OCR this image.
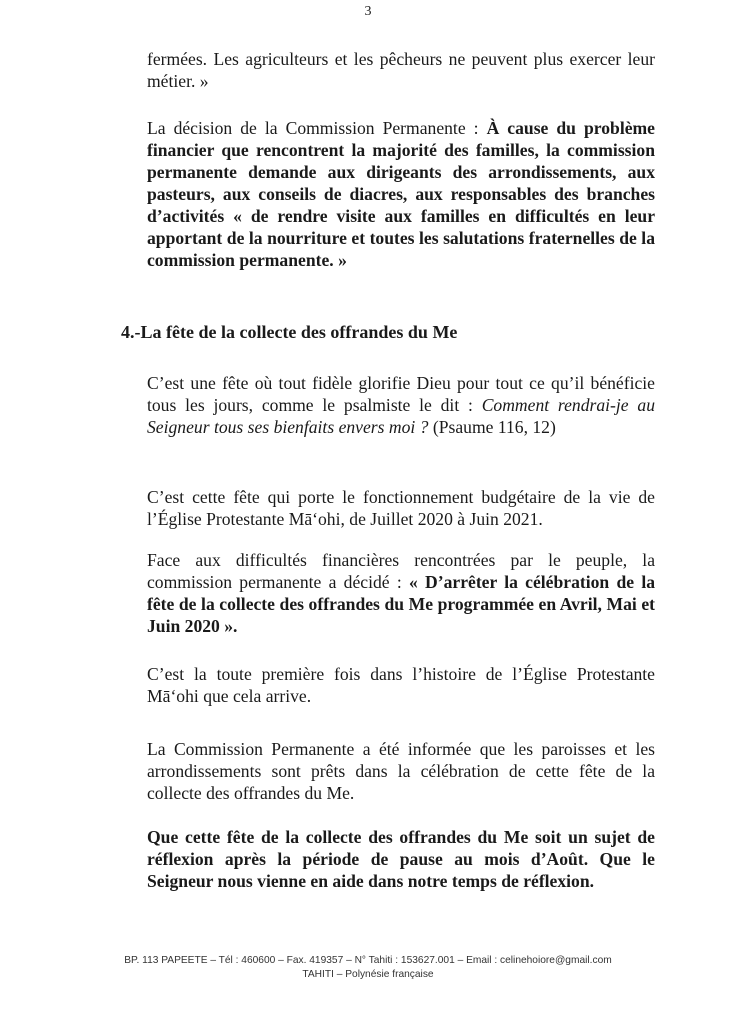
3
fermées. Les agriculteurs et les pêcheurs ne peuvent plus exercer leur métier. »
La décision de la Commission Permanente : À cause du problème financier que rencontrent la majorité des familles, la commission permanente demande aux dirigeants des arrondissements, aux pasteurs, aux conseils de diacres, aux responsables des branches d’activités « de rendre visite aux familles en difficultés en leur apportant de la nourriture et toutes les salutations fraternelles de la commission permanente. »
4.-La fête de la collecte des offrandes du Me
C’est une fête où tout fidèle glorifie Dieu pour tout ce qu’il bénéficie tous les jours, comme le psalmiste le dit : Comment rendrai-je au Seigneur tous ses bienfaits envers moi ? (Psaume 116, 12)
C’est cette fête qui porte le fonctionnement budgétaire de la vie de l’Église Protestante Mā‘ohi, de Juillet 2020 à Juin 2021.
Face aux difficultés financières rencontrées par le peuple, la commission permanente a décidé : « D’arrêter la célébration de la fête de la collecte des offrandes du Me programmée en Avril, Mai et Juin 2020 ».
C’est la toute première fois dans l’histoire de l’Église Protestante Mā‘ohi que cela arrive.
La Commission Permanente a été informée que les paroisses et les arrondissements sont prêts dans la célébration de cette fête de la collecte des offrandes du Me.
Que cette fête de la collecte des offrandes du Me soit un sujet de réflexion après la période de pause au mois d’Août. Que le Seigneur nous vienne en aide dans notre temps de réflexion.
BP. 113 PAPEETE – Tél : 460600 – Fax. 419357 – N° Tahiti : 153627.001 – Email : celinehoiore@gmail.com
TAHITI – Polynésie française
